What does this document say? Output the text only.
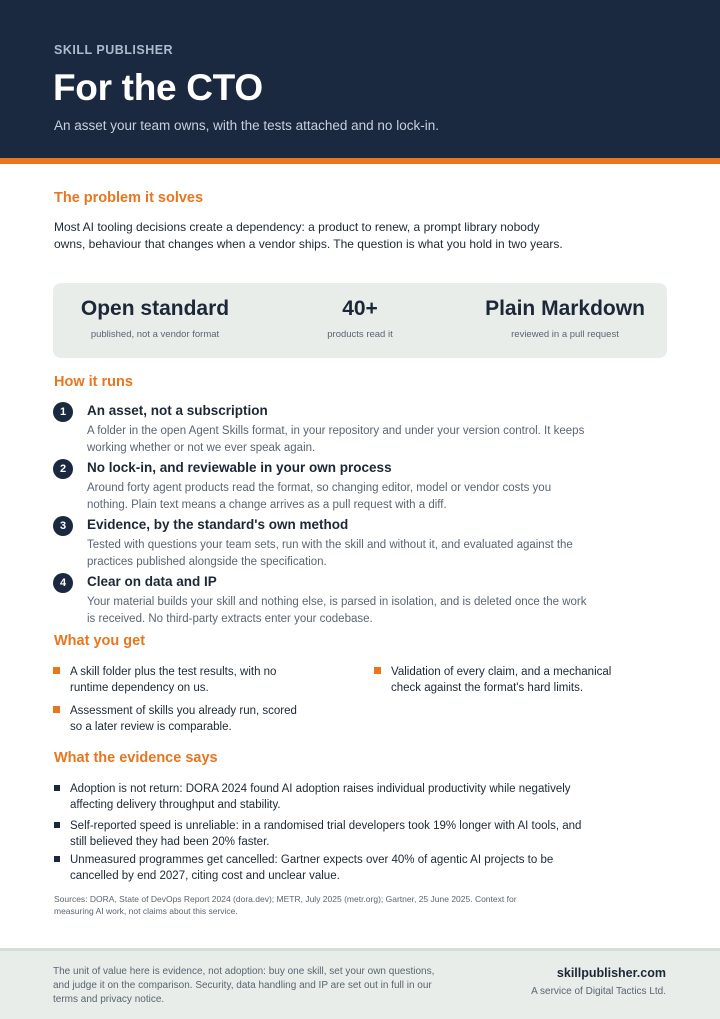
SKILL PUBLISHER
For the CTO
An asset your team owns, with the tests attached and no lock-in.
The problem it solves
Most AI tooling decisions create a dependency: a product to renew, a prompt library nobody owns, behaviour that changes when a vendor ships. The question is what you hold in two years.
Open standard
published, not a vendor format
40+
products read it
Plain Markdown
reviewed in a pull request
How it runs
1	An asset, not a subscription
A folder in the open Agent Skills format, in your repository and under your version control. It keeps working whether or not we ever speak again.
2	No lock-in, and reviewable in your own process
Around forty agent products read the format, so changing editor, model or vendor costs you nothing. Plain text means a change arrives as a pull request with a diff.
3	Evidence, by the standard's own method
Tested with questions your team sets, run with the skill and without it, and evaluated against the practices published alongside the specification.
4	Clear on data and IP
Your material builds your skill and nothing else, is parsed in isolation, and is deleted once the work is received. No third-party extracts enter your codebase.
What you get
A skill folder plus the test results, with no runtime dependency on us.
Validation of every claim, and a mechanical check against the format's hard limits.
Assessment of skills you already run, scored so a later review is comparable.
What the evidence says
Adoption is not return: DORA 2024 found AI adoption raises individual productivity while negatively affecting delivery throughput and stability.
Self-reported speed is unreliable: in a randomised trial developers took 19% longer with AI tools, and still believed they had been 20% faster.
Unmeasured programmes get cancelled: Gartner expects over 40% of agentic AI projects to be cancelled by end 2027, citing cost and unclear value.
Sources: DORA, State of DevOps Report 2024 (dora.dev); METR, July 2025 (metr.org); Gartner, 25 June 2025. Context for measuring AI work, not claims about this service.
The unit of value here is evidence, not adoption: buy one skill, set your own questions, and judge it on the comparison. Security, data handling and IP are set out in full in our terms and privacy notice.
skillpublisher.com
A service of Digital Tactics Ltd.
